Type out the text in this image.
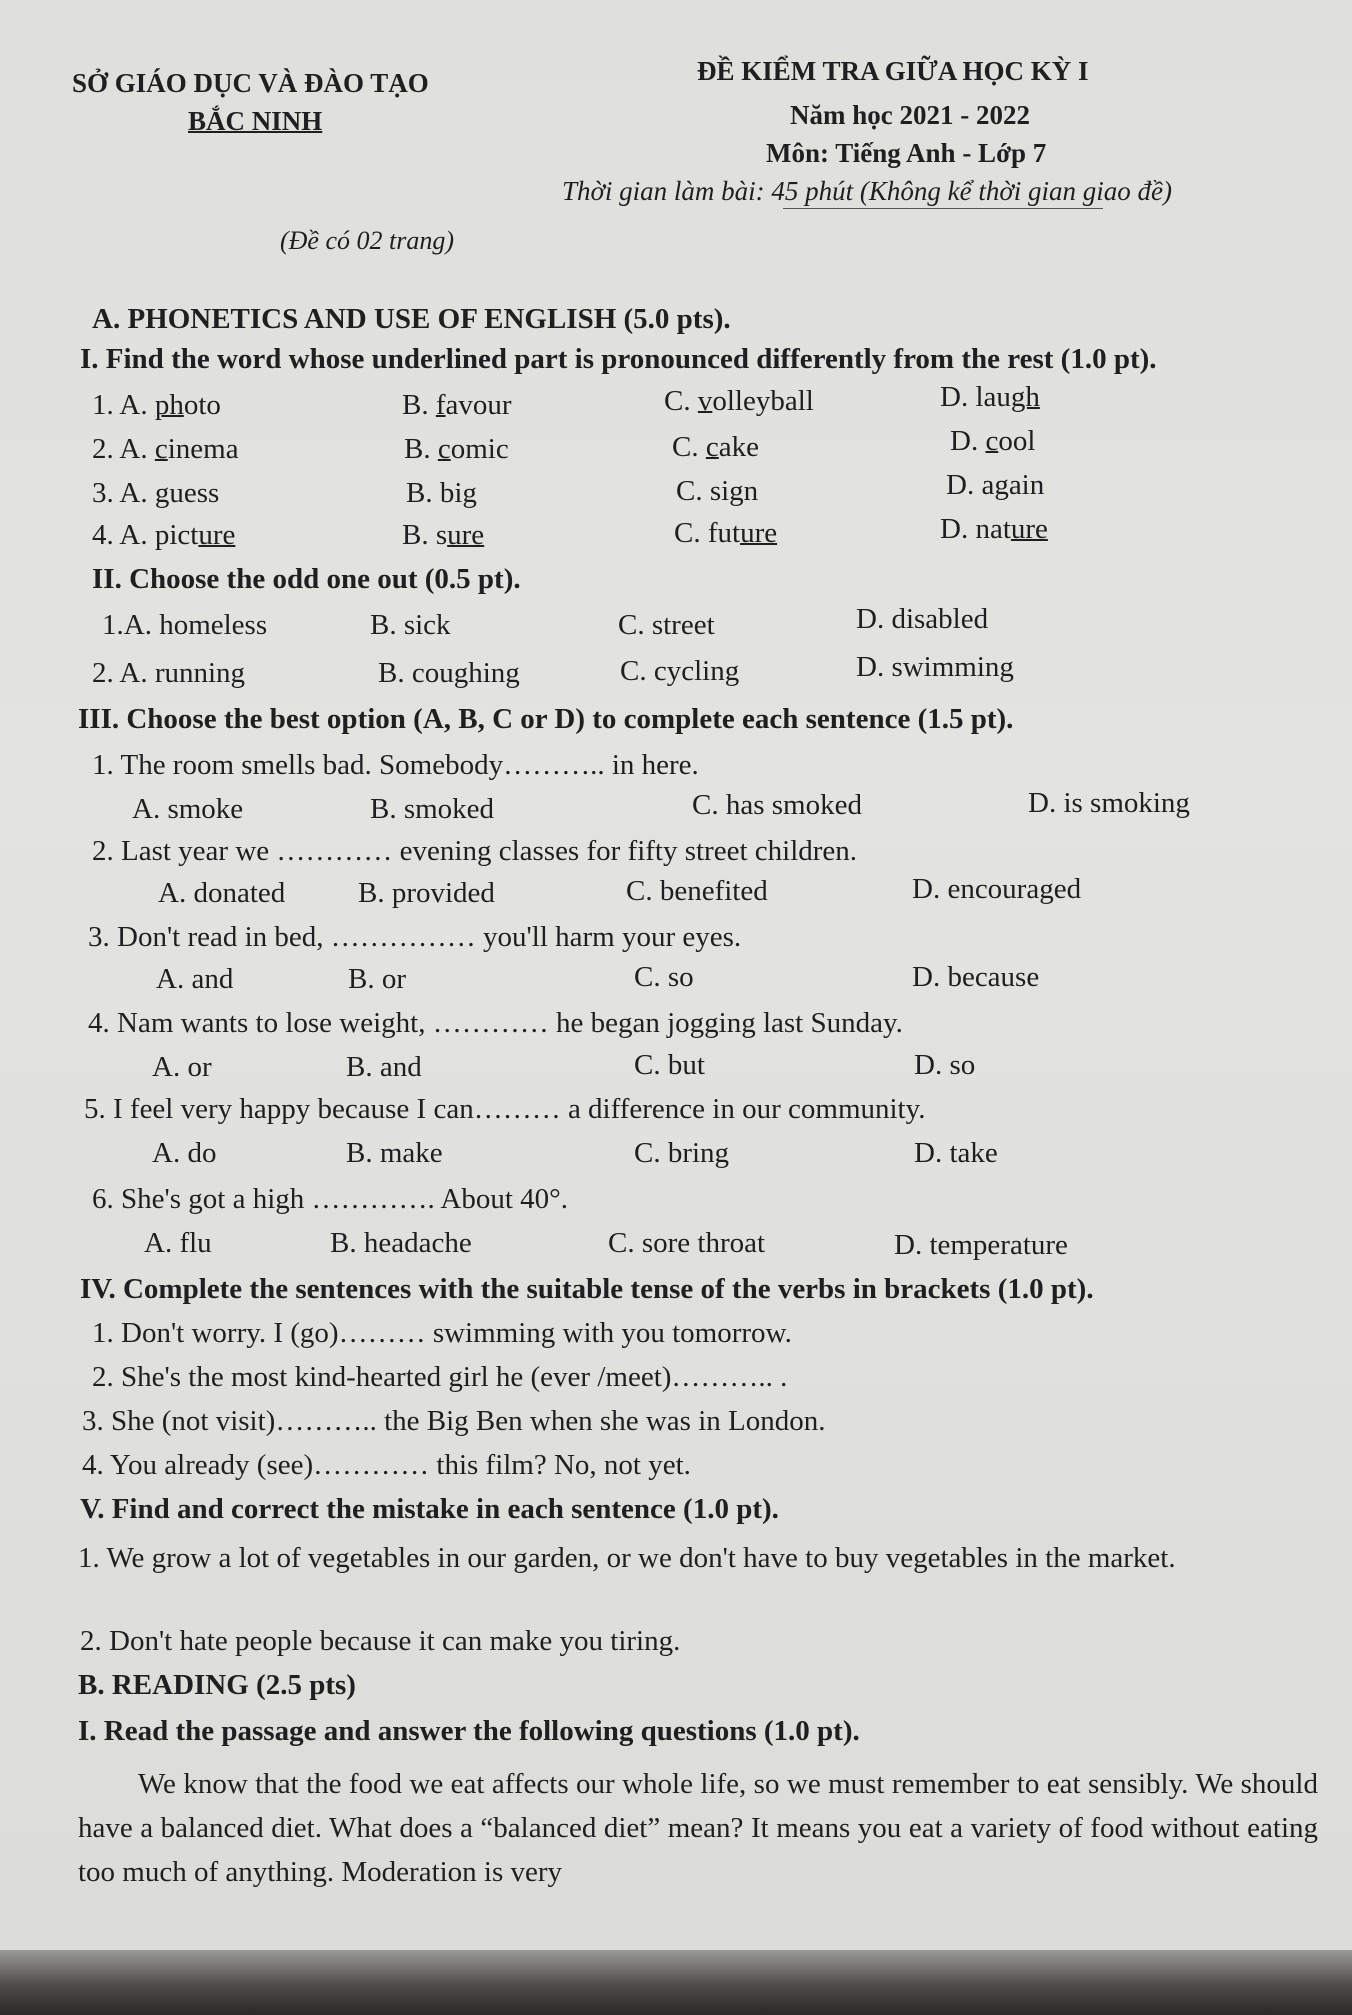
SỞ GIÁO DỤC VÀ ĐÀO TẠO
BẮC NINH
ĐỀ KIỂM TRA GIỮA HỌC KỲ I
Năm học 2021 - 2022
Môn: Tiếng Anh - Lớp 7
Thời gian làm bài: 45 phút (Không kể thời gian giao đề)
(Đề có 02 trang)
A. PHONETICS AND USE OF ENGLISH (5.0 pts).
I. Find the word whose underlined part is pronounced differently from the rest (1.0 pt).
1. A. photo	B. favour	C. volleyball	D. laugh
2. A. cinema	B. comic	C. cake	D. cool
3. A. guess	B. big	C. sign	D. again
4. A. picture	B. sure	C. future	D. nature
II. Choose the odd one out (0.5 pt).
1.A. homeless	B. sick	C. street	D. disabled
2. A. running	B. coughing	C. cycling	D. swimming
III. Choose the best option (A, B, C or D) to complete each sentence (1.5 pt).
1. The room smells bad. Somebody……….. in here.
A. smoke	B. smoked	C. has smoked	D. is smoking
2. Last year we ………… evening classes for fifty street children.
A. donated	B. provided	C. benefited	D. encouraged
3. Don't read in bed, …………… you'll harm your eyes.
A. and	B. or	C. so	D. because
4. Nam wants to lose weight, ………… he began jogging last Sunday.
A. or	B. and	C. but	D. so
5. I feel very happy because I can……… a difference in our community.
A. do	B. make	C. bring	D. take
6. She's got a high …………. About 40°.
A. flu	B. headache	C. sore throat	D. temperature
IV. Complete the sentences with the suitable tense of the verbs in brackets (1.0 pt).
1. Don't worry. I (go)……… swimming with you tomorrow.
2. She's the most kind-hearted girl he (ever /meet)……….. .
3. She (not visit)……….. the Big Ben when she was in London.
4. You already (see)………… this film? No, not yet.
V. Find and correct the mistake in each sentence (1.0 pt).
1. We grow a lot of vegetables in our garden, or we don't have to buy vegetables in the market.
2. Don't hate people because it can make you tiring.
B. READING (2.5 pts)
I. Read the passage and answer the following questions (1.0 pt).
We know that the food we eat affects our whole life, so we must remember to eat sensibly. We should have a balanced diet. What does a “balanced diet” mean? It means you eat a variety of food without eating too much of anything. Moderation is very
